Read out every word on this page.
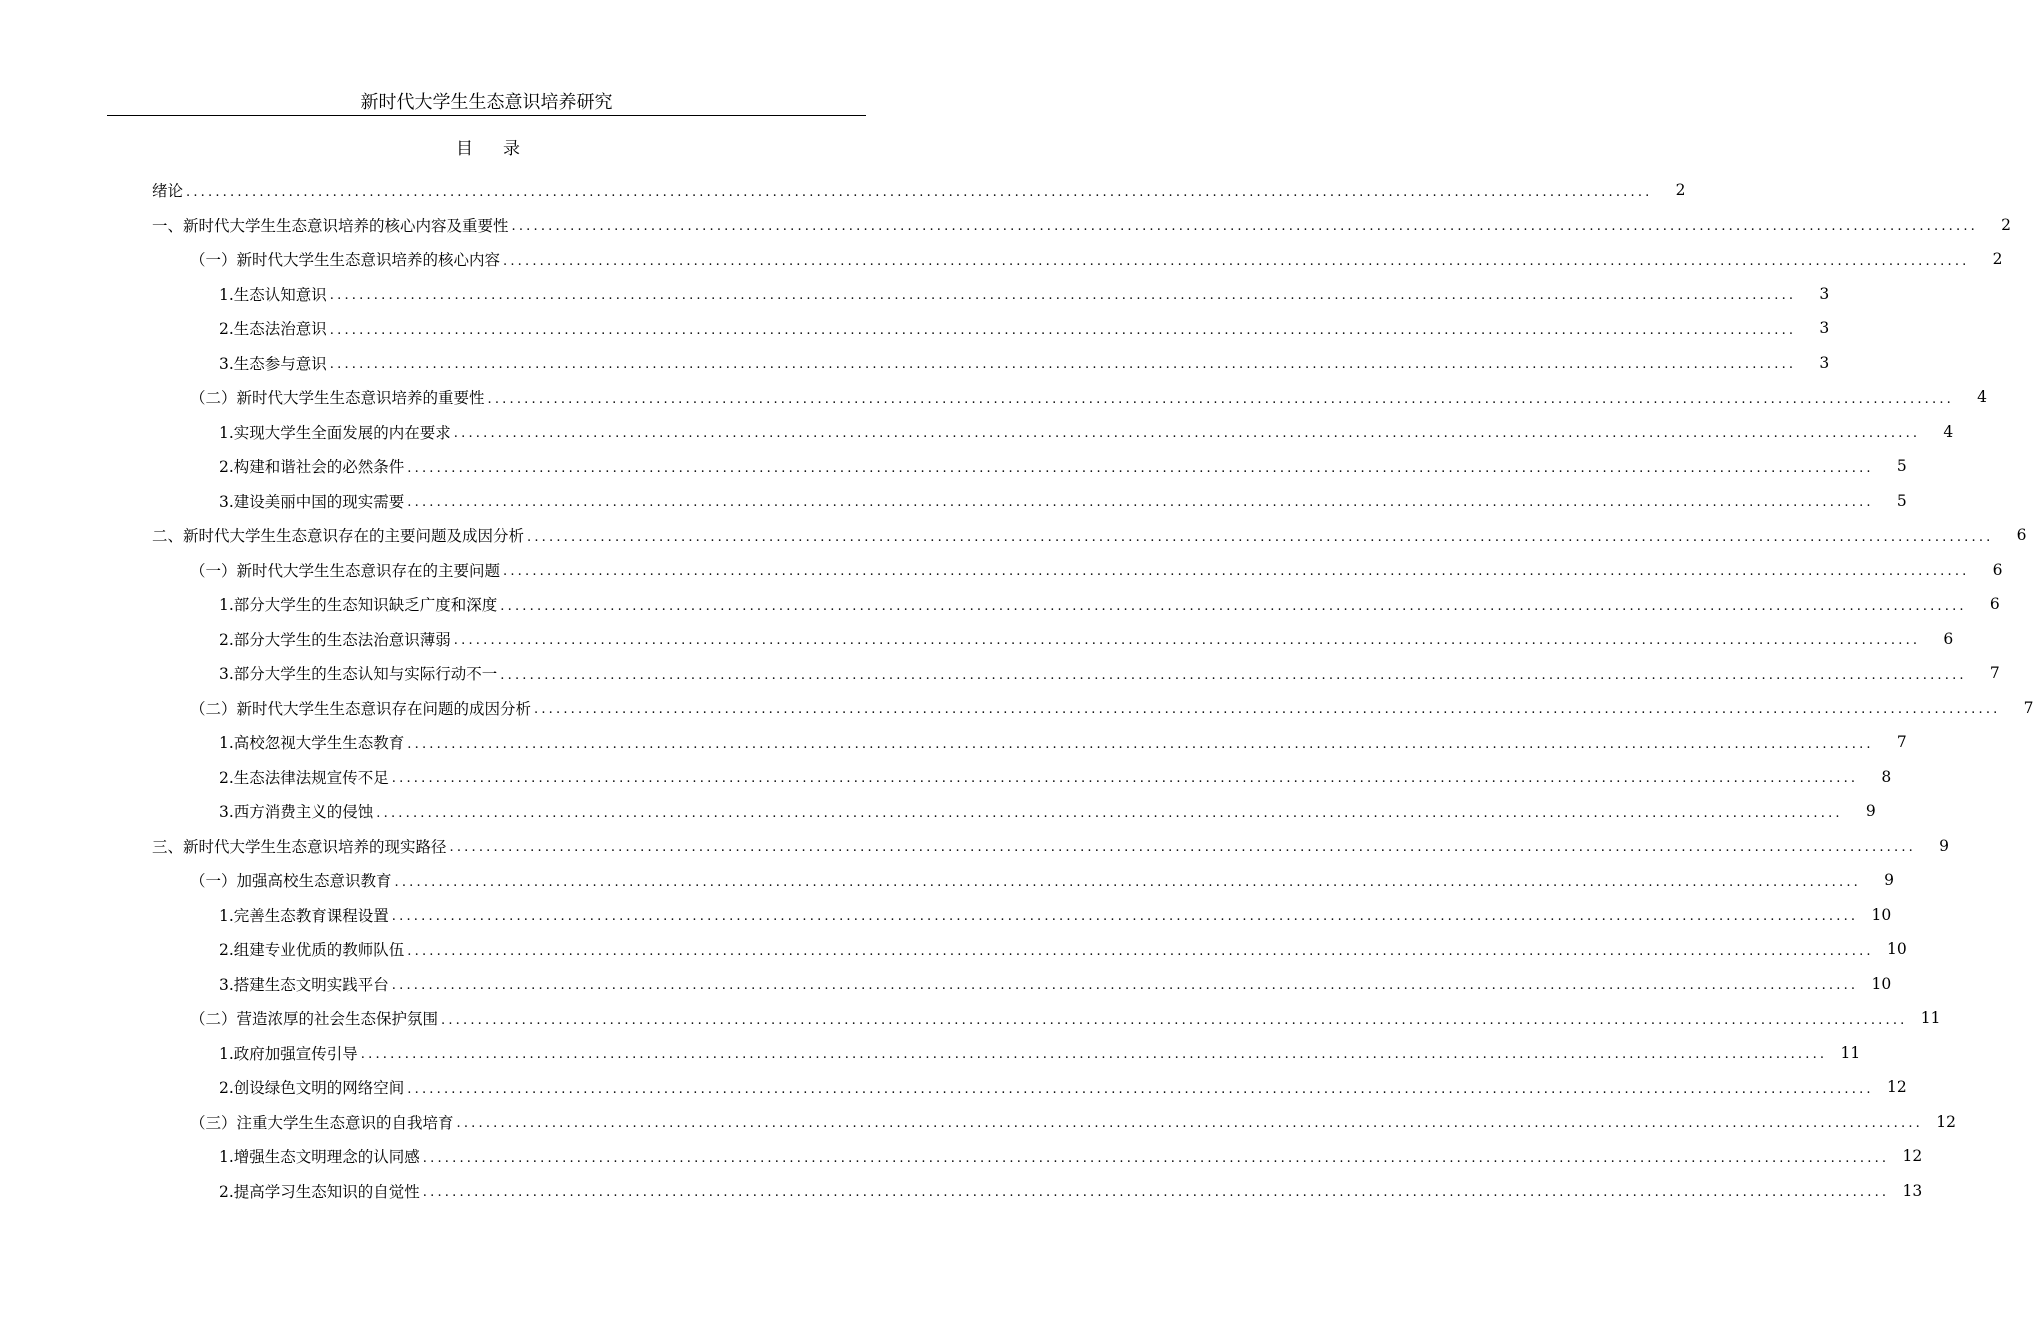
新时代大学生生态意识培养研究
目录
绪论 ........................................................................................................................................................................................................	2
一、新时代大学生生态意识培养的核心内容及重要性 ........................................................................................................................................................................................................	2
（一）新时代大学生生态意识培养的核心内容 ........................................................................................................................................................................................................	2
1.生态认知意识 ........................................................................................................................................................................................................	3
2.生态法治意识 ........................................................................................................................................................................................................	3
3.生态参与意识 ........................................................................................................................................................................................................	3
（二）新时代大学生生态意识培养的重要性 ........................................................................................................................................................................................................	4
1.实现大学生全面发展的内在要求 ........................................................................................................................................................................................................	4
2.构建和谐社会的必然条件 ........................................................................................................................................................................................................	5
3.建设美丽中国的现实需要 ........................................................................................................................................................................................................	5
二、新时代大学生生态意识存在的主要问题及成因分析 ........................................................................................................................................................................................................	6
（一）新时代大学生生态意识存在的主要问题 ........................................................................................................................................................................................................	6
1.部分大学生的生态知识缺乏广度和深度 ........................................................................................................................................................................................................	6
2.部分大学生的生态法治意识薄弱 ........................................................................................................................................................................................................	6
3.部分大学生的生态认知与实际行动不一 ........................................................................................................................................................................................................	7
（二）新时代大学生生态意识存在问题的成因分析 ........................................................................................................................................................................................................	7
1.高校忽视大学生生态教育 ........................................................................................................................................................................................................	7
2.生态法律法规宣传不足 ........................................................................................................................................................................................................	8
3.西方消费主义的侵蚀 ........................................................................................................................................................................................................	9
三、新时代大学生生态意识培养的现实路径 ........................................................................................................................................................................................................	9
（一）加强高校生态意识教育 ........................................................................................................................................................................................................	9
1.完善生态教育课程设置 ........................................................................................................................................................................................................ 10
2.组建专业优质的教师队伍 ........................................................................................................................................................................................................ 10
3.搭建生态文明实践平台 ........................................................................................................................................................................................................ 10
（二）营造浓厚的社会生态保护氛围 ........................................................................................................................................................................................................ 11
1.政府加强宣传引导 ........................................................................................................................................................................................................ 11
2.创设绿色文明的网络空间 ........................................................................................................................................................................................................ 12
（三）注重大学生生态意识的自我培育 ........................................................................................................................................................................................................ 12
1.增强生态文明理念的认同感 ........................................................................................................................................................................................................ 12
2.提高学习生态知识的自觉性 ........................................................................................................................................................................................................ 13
